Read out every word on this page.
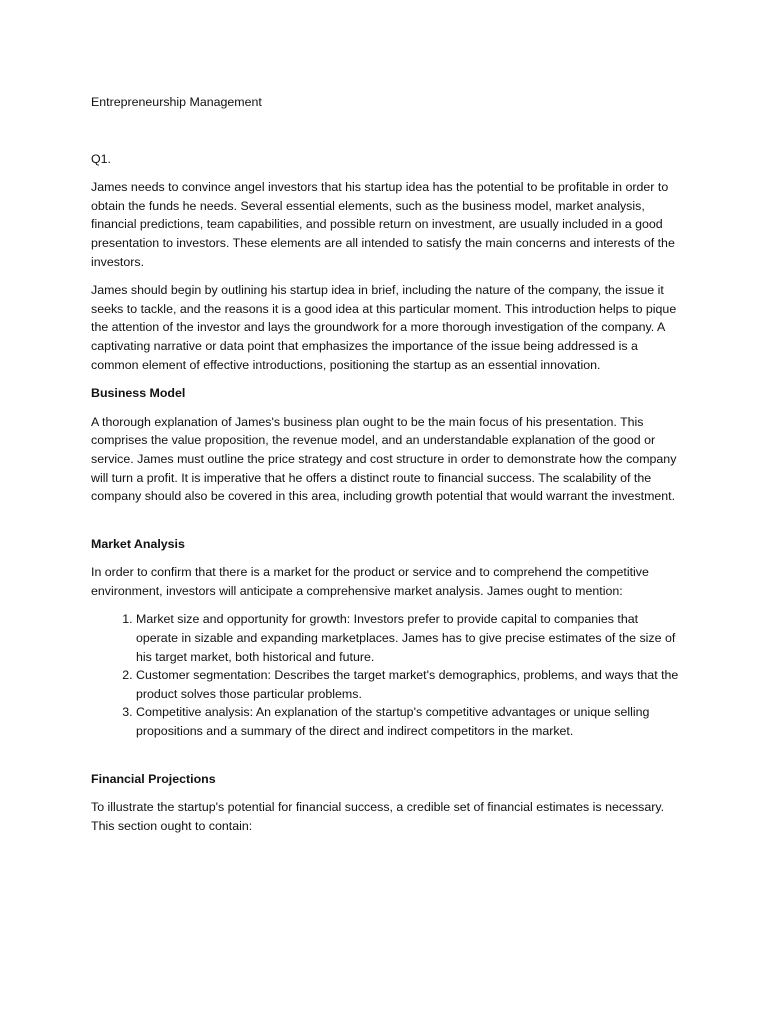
Entrepreneurship Management
Q1.

James needs to convince angel investors that his startup idea has the potential to be profitable in order to obtain the funds he needs. Several essential elements, such as the business model, market analysis, financial predictions, team capabilities, and possible return on investment, are usually included in a good presentation to investors. These elements are all intended to satisfy the main concerns and interests of the investors.

James should begin by outlining his startup idea in brief, including the nature of the company, the issue it seeks to tackle, and the reasons it is a good idea at this particular moment. This introduction helps to pique the attention of the investor and lays the groundwork for a more thorough investigation of the company. A captivating narrative or data point that emphasizes the importance of the issue being addressed is a common element of effective introductions, positioning the startup as an essential innovation.

Business Model

A thorough explanation of James's business plan ought to be the main focus of his presentation. This comprises the value proposition, the revenue model, and an understandable explanation of the good or service. James must outline the price strategy and cost structure in order to demonstrate how the company will turn a profit. It is imperative that he offers a distinct route to financial success. The scalability of the company should also be covered in this area, including growth potential that would warrant the investment.

Market Analysis

In order to confirm that there is a market for the product or service and to comprehend the competitive environment, investors will anticipate a comprehensive market analysis. James ought to mention:

1. Market size and opportunity for growth: Investors prefer to provide capital to companies that operate in sizable and expanding marketplaces. James has to give precise estimates of the size of his target market, both historical and future.
2. Customer segmentation: Describes the target market's demographics, problems, and ways that the product solves those particular problems.
3. Competitive analysis: An explanation of the startup's competitive advantages or unique selling propositions and a summary of the direct and indirect competitors in the market.
Financial Projections

To illustrate the startup's potential for financial success, a credible set of financial estimates is necessary. This section ought to contain:
